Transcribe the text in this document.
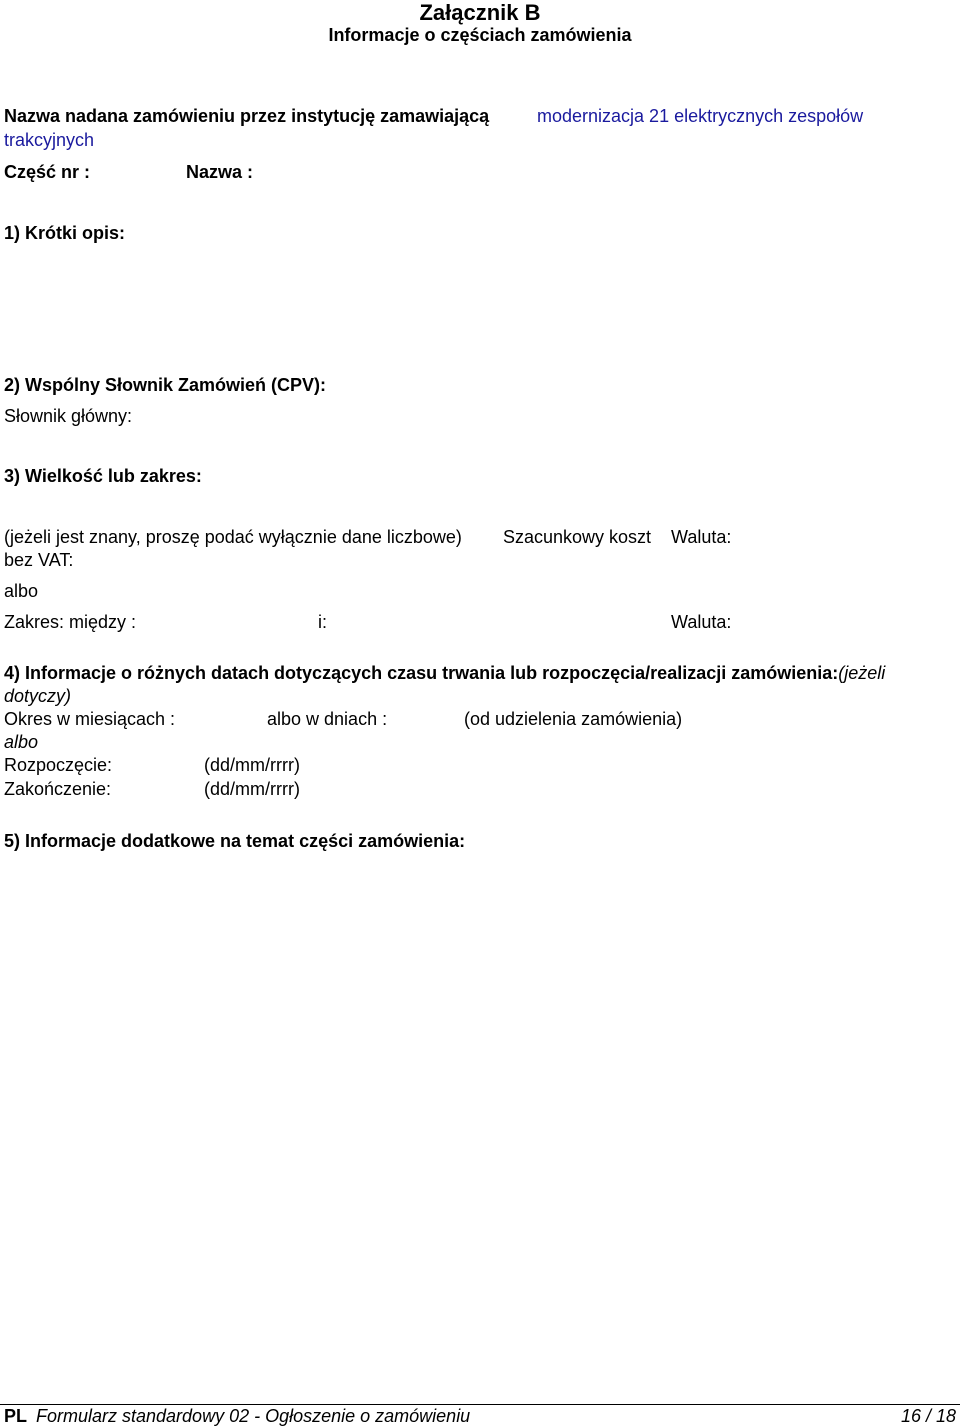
Załącznik B
Informacje o częściach zamówienia
Nazwa nadana zamówieniu przez instytucję zamawiającą	modernizacja 21 elektrycznych zespołów
trakcyjnych
Część nr :	Nazwa :
1) Krótki opis:
2) Wspólny Słownik Zamówień (CPV):
Słownik główny:
3) Wielkość lub zakres:
(jeżeli jest znany, proszę podać wyłącznie dane liczbowe) Szacunkowy koszt Waluta:
bez VAT:
albo
Zakres: między :	i:	Waluta:
4) Informacje o różnych datach dotyczących czasu trwania lub rozpoczęcia/realizacji zamówienia:(jeżeli
dotyczy)
Okres w miesiącach :	albo w dniach :	(od udzielenia zamówienia)
albo
Rozpoczęcie:	(dd/mm/rrrr)
Zakończenie:	(dd/mm/rrrr)
5) Informacje dodatkowe na temat części zamówienia:
PL Formularz standardowy 02 - Ogłoszenie o zamówieniu	16 / 18
